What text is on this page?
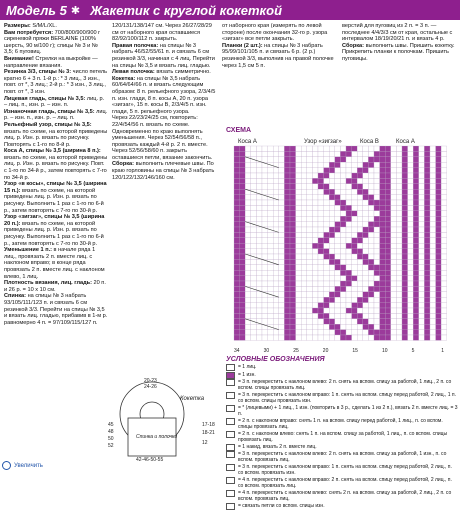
Модель 5 ✱ Жакетик с круглой кокеткой

Размеры: S/M/L/XL.

Вам потребуется: 700/800/900/900 г сиреневой пряжи BERLAINE (100% шерсть, 90 м/100 г); спицы № 3 и № 3,5; 6 пуговиц.

Внимание! Стрелки на выкройке — направление вязания.

Резинка 3/3, спицы № 3: число петель кратно 6 + 3 п. 1-й р.: * 3 лиц., 3 изн., повт. от *, 3 лиц.; 2-й р.: * 3 изн., 3 лиц., повт. от *, 3 изн.

Лицевая гладь, спицы № 3,5: лиц. р. – лиц. п., изн. р. – изн. п.

Изнаночная гладь, спицы № 3,5: лиц. р. – изн. п., изн. р. – лиц. п.

Рельефный узор, спицы № 3,5: вязать по схеме, на которой приведены лиц. р. Изн. р. вязать по рисунку. Повторять с 1-го по 8-й р.

Коса А, спицы № 3,5 (ширина 8 п.): вязать по схеме, на которой приведены лиц. р. Изн. р. вязать по рисунку. Повт. с 1-го по 34-й р., затем повторять с 7-го по 34-й р.

Узор «в косы», спицы № 3,5 (ширина 15 п.): вязать по схеме, на которой приведены лиц. р. Изн. р. вязать по рисунку. Выполнить 1 раз с 1-го по 6-й р., затем повторять с 7-го по 30-й р.

Узор «зигзаг», спицы № 3,5 (ширина 20 п.): вязать по схеме, на которой приведены лиц. р. Изн. р. вязать по рисунку. Выполнить 1 раз с 1-го по 6-й р., затем повторять с 7-го по 30-й р.

Уменьшение 1 п.: в начале ряда 1 лиц., провязать 2 п. вместе лиц. с наклоном вправо; в конце ряда провязать 2 п. вместе лиц. с наклоном влево, 1 лиц.

Плотность вязания, лиц. гладь: 20 п. и 26 р. = 10 х 10 см.

Спинка: на спицы № 3 набрать 93/105/111/123 п. и связать 6 см резинкой 3/3. Перейти на спицы № 3,5 и вязать лиц. гладью, прибавив в 1-м р. равномерно 4 п. = 97/109/115/127 п.

120/131/138/147 см. Через 26/27/28/29 см от наборного края оставшиеся 82/92/100/112 п. закрыть.

Правая полочка: на спицы № 3 набрать 46/52/55/61 п. и связать 6 см резинкой 3/3, начиная с 4 лиц. Перейти на спицы № 3,5 и вязать лиц. гладью.

Левая полочка: вязать симметрично.

Кокетка: на спицы № 3,5 набрать 60/64/64/66 п. и вязать следующим образом: 8 п. рельефного узора, 2/3/4/5 п. изн. глади, 8 п. косы A, 20 п. узора «зигзаг», 15 п. косы B, 2/3/4/5 п. изн. глади, 5 п. рельефного узора.

Через 22/23/24/25 см, повторить: 22/4/54/56 п. вязать по схеме. Одновременно по краю выполнять уменьшения. Через 52/54/56/58 п., провязать каждый 4-й р. 2 п. вместе. Через 52/56/58/60 п. закрыть оставшиеся петли, вязание закончить.

Сборка: выполнить плечевые швы. По краю горловины на спицы № 3 набрать 120/122/132/146/160 см.

от наборного края (измерять по левой стороне) после окончания 32-го р. узора «зигзаг» все петли закрыть.

Планки (2 шт.): на спицы № 3 набрать 95/99/101/105 п. и связать 6 р. (2 р.) резинкой 3/3, выполнив на правой полочке через 1,5 см 5 п.

верстий для пуговиц из 2 п. = 3 п. — последнее 4/4/3/3 см от края, остальные с интервалом 18/19/20/21 п. и вязать 4 р.

Сборка: выполнить швы. Пришить кокетку. Прикрепить планки к полочкам. Пришить пуговицы.

СХЕМА
Коса A	Узор «зигзаг»	Коса B	Коса A
34	30	25	20	15	10	5	1
УСЛОВНЫЕ ОБОЗНАЧЕНИЯ
= 1 лиц.
= 1 изн.
= 3 п. перекрестить с наклоном влево: 2 п. снять на вспом. спицу за работой, 1 лиц., 2 п. со вспом. спицы провязать лиц.
= 3 п. перекрестить с наклоном вправо: 1 п. снять на вспом. спицу перед работой, 2 лиц., 1 п. со вспом. спицы провязать изн.
= * (лицевыми) + 1 лиц., 1 изн. (повторить в 3 р., сделать 1 из 2 п.), вязать 2 п. вместе лиц. = 3 п.
= 2 п. с наклоном вправо: снять 1 п. на вспом. спицу перед работой, 1 лиц., п. со вспом. спицы провязать лиц.
= 2 п. с наклоном влево: снять 1 п. на вспом. спицу за работой, 1 лиц., п. со вспом. спицы провязать лиц.
= 1 накид, вязать 2 п. вместе лиц.
= 3 п. перекрестить с наклоном влево: 2 п. снять на вспом. спицу за работой, 1 изн., п. со вспом. провязать лиц.
= 3 п. перекрестить с наклоном вправо: 1 п. снять на вспом. спицу перед работой, 2 лиц., п. со вспом. провязать изн.
= 4 п. перекрестить с наклоном вправо: 2 п. снять на вспом. спицу перед работой, 2 лиц., п. со вспом. провязать лиц.
= 4 п. перекрестить с наклоном влево: снять 2 п. на вспом. спицу за работой, 2 лиц., 2 п. со вспом. провязать лиц.
= связать петли со вспом. спицы изн.
Кокетка
Спинка и полочки
20-23
24-26
45
48
50
52
17-18
18-21
12
42-46-50-55
Увеличить
